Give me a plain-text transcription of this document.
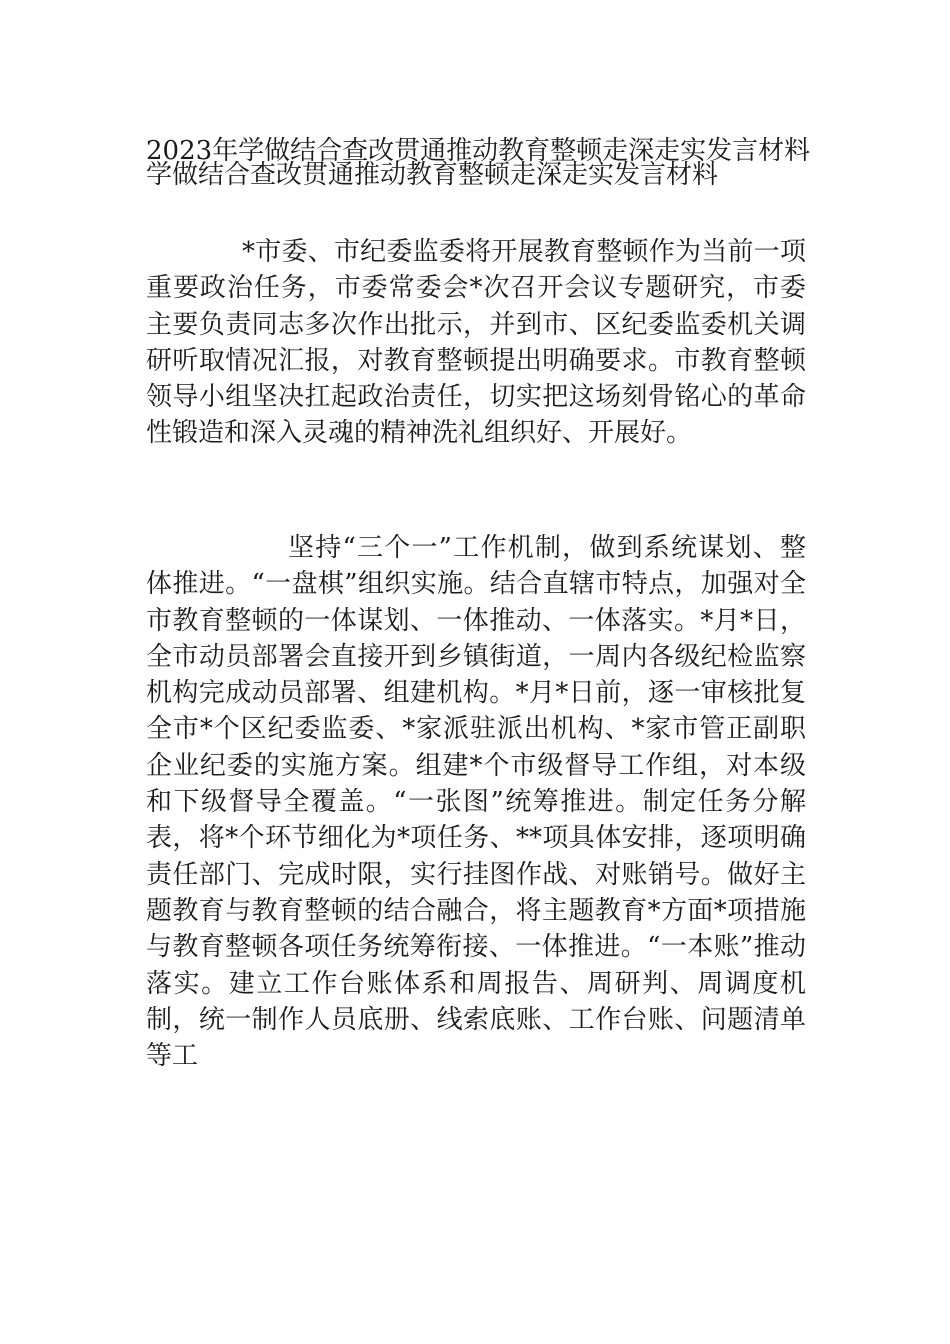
2023年学做结合查改贯通推动教育整顿走深走实发言材料
学做结合查改贯通推动教育整顿走深走实发言材料
*市委、市纪委监委将开展教育整顿作为当前一项重要政治任务，市委常委会*次召开会议专题研究，市委主要负责同志多次作出批示，并到市、区纪委监委机关调研听取情况汇报，对教育整顿提出明确要求。市教育整顿领导小组坚决扛起政治责任，切实把这场刻骨铭心的革命性锻造和深入灵魂的精神洗礼组织好、开展好。
坚持“三个一”工作机制，做到系统谋划、整体推进。“一盘棋”组织实施。结合直辖市特点，加强对全市教育整顿的一体谋划、一体推动、一体落实。*月*日，全市动员部署会直接开到乡镇街道，一周内各级纪检监察机构完成动员部署、组建机构。*月*日前，逐一审核批复全市*个区纪委监委、*家派驻派出机构、*家市管正副职企业纪委的实施方案。组建*个市级督导工作组，对本级和下级督导全覆盖。“一张图”统筹推进。制定任务分解表，将*个环节细化为*项任务、**项具体安排，逐项明确责任部门、完成时限，实行挂图作战、对账销号。做好主题教育与教育整顿的结合融合，将主题教育*方面*项措施与教育整顿各项任务统筹衔接、一体推进。“一本账”推动落实。建立工作台账体系和周报告、周研判、周调度机制，统一制作人员底册、线索底账、工作台账、问题清单等工
